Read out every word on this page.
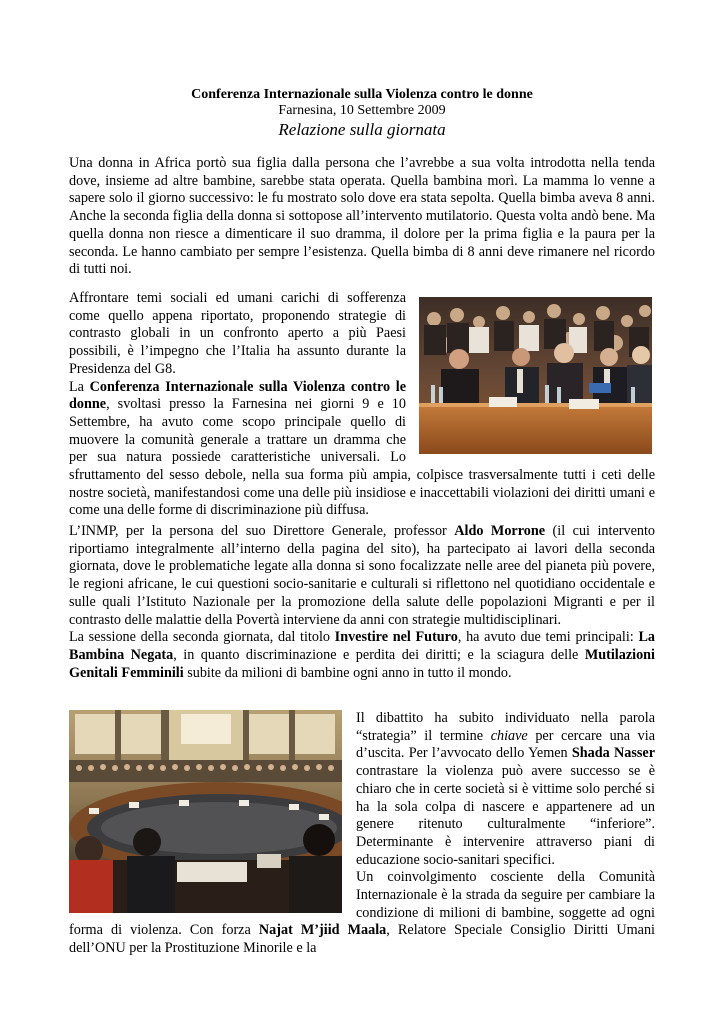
Conferenza Internazionale sulla Violenza contro le donne

Farnesina, 10 Settembre 2009

Relazione sulla giornata

Una donna in Africa portò sua figlia dalla persona che l’avrebbe a sua volta introdotta nella tenda dove, insieme ad altre bambine, sarebbe stata operata. Quella bambina morì. La mamma lo venne a sapere solo il giorno successivo: le fu mostrato solo dove era stata sepolta. Quella bimba aveva 8 anni. Anche la seconda figlia della donna si sottopose all’intervento mutilatorio. Questa volta andò bene. Ma quella donna non riesce a dimenticare il suo dramma, il dolore per la prima figlia e la paura per la seconda. Le hanno cambiato per sempre l’esistenza. Quella bimba di 8 anni deve rimanere nel ricordo di tutti noi.

Affrontare temi sociali ed umani carichi di sofferenza come quello appena riportato, proponendo strategie di contrasto globali in un confronto aperto a più Paesi possibili, è l’impegno che l’Italia ha assunto durante la Presidenza del G8.
La Conferenza Internazionale sulla Violenza contro le donne, svoltasi presso la Farnesina nei giorni 9 e 10 Settembre, ha avuto come scopo principale quello di muovere la comunità generale a trattare un dramma che per sua natura possiede caratteristiche universali. Lo sfruttamento del sesso debole, nella sua forma più ampia, colpisce trasversalmente tutti i ceti delle nostre società, manifestandosi come una delle più insidiose e inaccettabili violazioni dei diritti umani e come una delle forme di discriminazione più diffusa.
L’INMP, per la persona del suo Direttore Generale, professor Aldo Morrone (il cui intervento riportiamo integralmente all’interno della pagina del sito), ha partecipato ai lavori della seconda giornata, dove le problematiche legate alla donna si sono focalizzate nelle aree del pianeta più povere, le regioni africane, le cui questioni socio-sanitarie e culturali si riflettono nel quotidiano occidentale e sulle quali l’Istituto Nazionale per la promozione della salute delle popolazioni Migranti e per il contrasto delle malattie della Povertà interviene da anni con strategie multidisciplinari.
La sessione della seconda giornata, dal titolo Investire nel Futuro, ha avuto due temi principali: La Bambina Negata, in quanto discriminazione e perdita dei diritti; e la sciagura delle Mutilazioni Genitali Femminili subite da milioni di bambine ogni anno in tutto il mondo.
Il dibattito ha subito individuato nella parola “strategia” il termine chiave per cercare una via d’uscita. Per l’avvocato dello Yemen Shada Nasser contrastare la violenza può avere successo se è chiaro che in certe società si è vittime solo perché si ha la sola colpa di nascere e appartenere ad un genere ritenuto culturalmente “inferiore”. Determinante è intervenire attraverso piani di educazione socio-sanitari specifici.
Un coinvolgimento cosciente della Comunità Internazionale è la strada da seguire per cambiare la condizione di milioni di bambine, soggette ad ogni forma di violenza. Con forza Najat M’jiid Maala, Relatore Speciale Consiglio Diritti Umani dell’ONU per la Prostituzione Minorile e la
